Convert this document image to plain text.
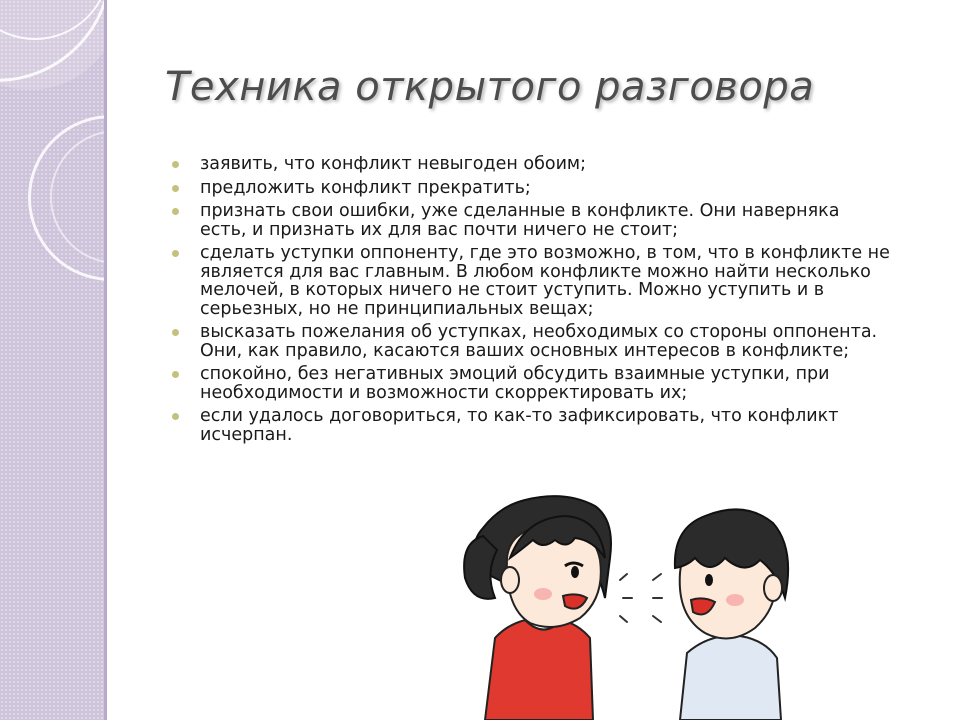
Техника открытого разговора
заявить, что конфликт невыгоден обоим;
предложить конфликт прекратить;
признать свои ошибки, уже сделанные в конфликте. Они наверняка есть, и признать их для вас почти ничего не стоит;
сделать уступки оппоненту, где это возможно, в том, что в конфликте не является для вас главным. В любом конфликте можно найти несколько мелочей, в которых ничего не стоит уступить. Можно уступить и в серьезных, но не принципиальных вещах;
высказать пожелания об уступках, необходимых со стороны оппонента. Они, как правило, касаются ваших основных интересов в конфликте;
спокойно, без негативных эмоций обсудить взаимные уступки, при необходимости и возможности скорректировать их;
если удалось договориться, то как-то зафиксировать, что конфликт исчерпан.
